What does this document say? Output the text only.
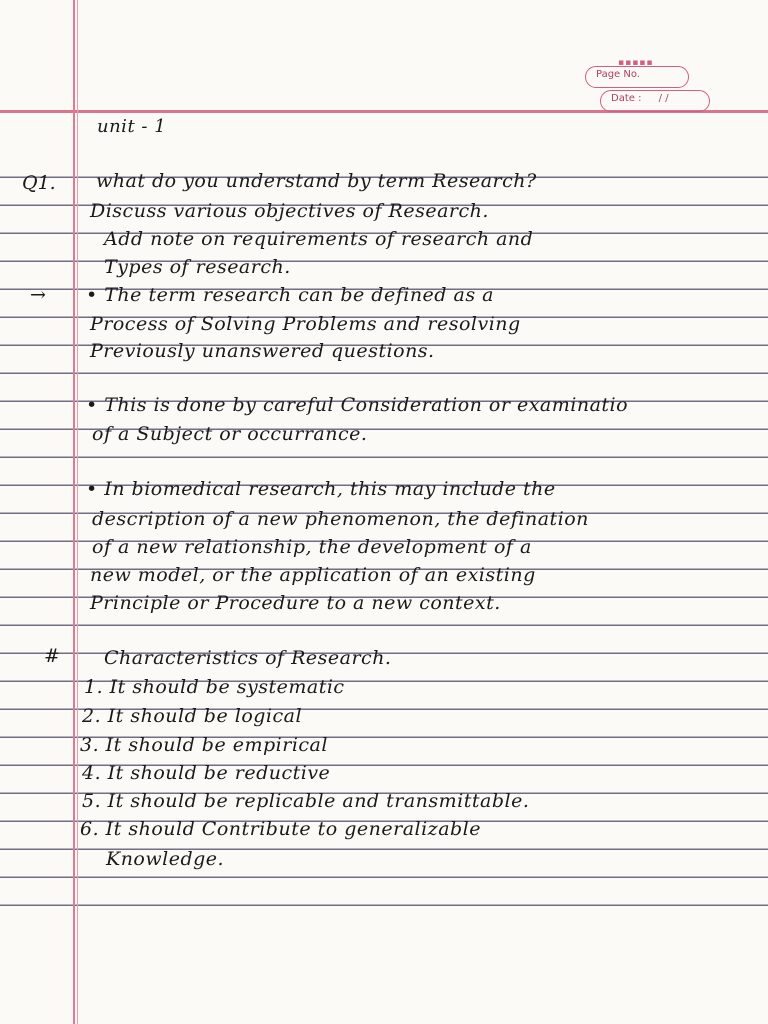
▪▪▪▪▪
Page No.
Date : / /
unit - 1
Q1. what do you understand by term Research?
Discuss various objectives of Research.
Add note on requirements of research and
Types of research.
→ • The term research can be defined as a
Process of Solving Problems and resolving
Previously unanswered questions.
• This is done by careful Consideration or examinatio
of a Subject or occurrance.
• In biomedical research, this may include the
description of a new phenomenon, the defination
of a new relationship, the development of a
new model, or the application of an existing
Principle or Procedure to a new context.
# Characteristics of Research.
1. It should be systematic
2. It should be logical
3. It should be empirical
4. It should be reductive
5. It should be replicable and transmittable.
6. It should Contribute to generalizable
Knowledge.
